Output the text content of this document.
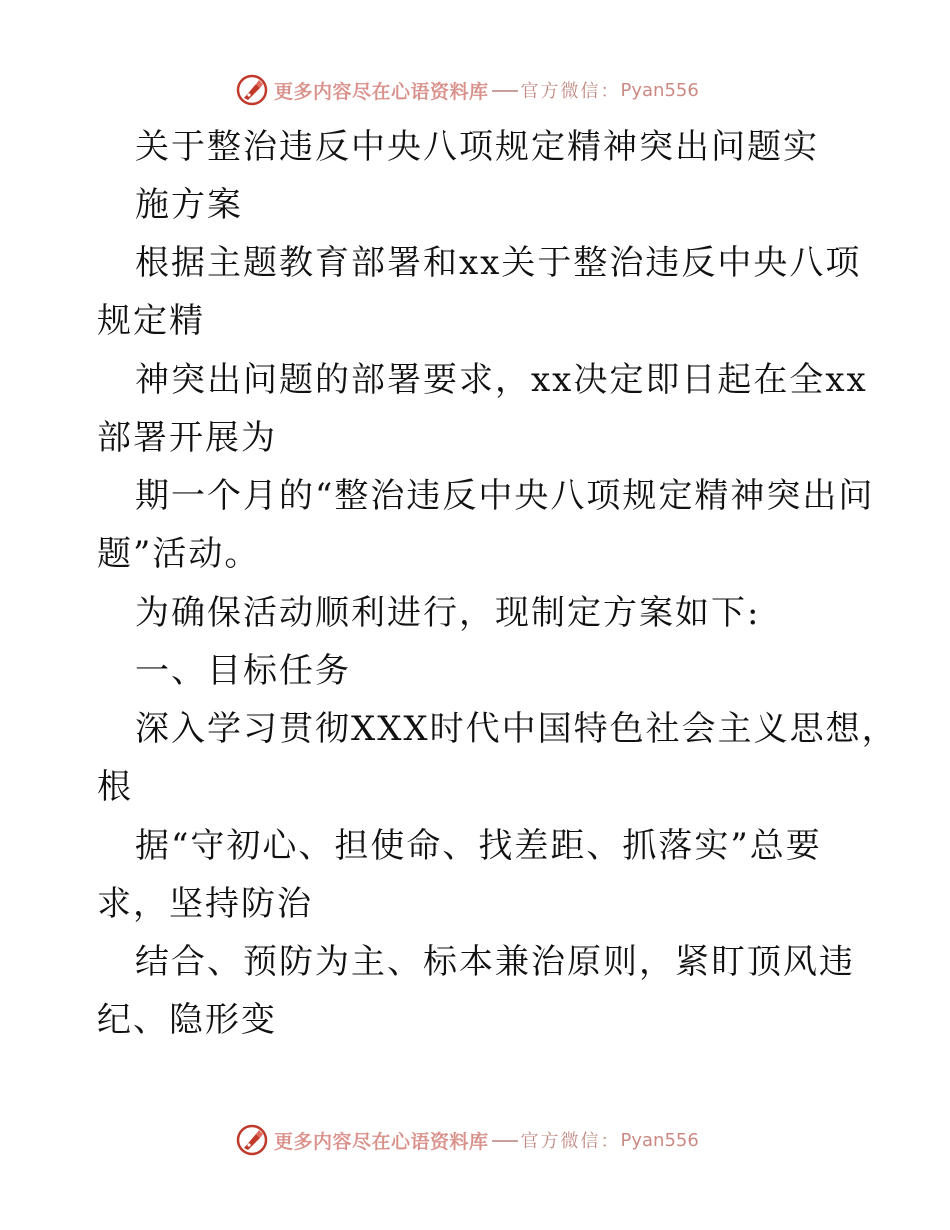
更多内容尽在心语资料库 官方微信： Pyan556
关于整治违反中央八项规定精神突出问题实
施方案
根据主题教育部署和xx关于整治违反中央八项
规定精
神突出问题的部署要求，xx决定即日起在全xx
部署开展为
期一个月的“整治违反中央八项规定精神突出问
题”活动。
为确保活动顺利进行，现制定方案如下:
一、目标任务
深入学习贯彻XXX时代中国特色社会主义思想，
根
据“守初心、担使命、找差距、抓落实”总要
求，坚持防治
结合、预防为主、标本兼治原则，紧盯顶风违
纪、隐形变
更多内容尽在心语资料库 官方微信： Pyan556
